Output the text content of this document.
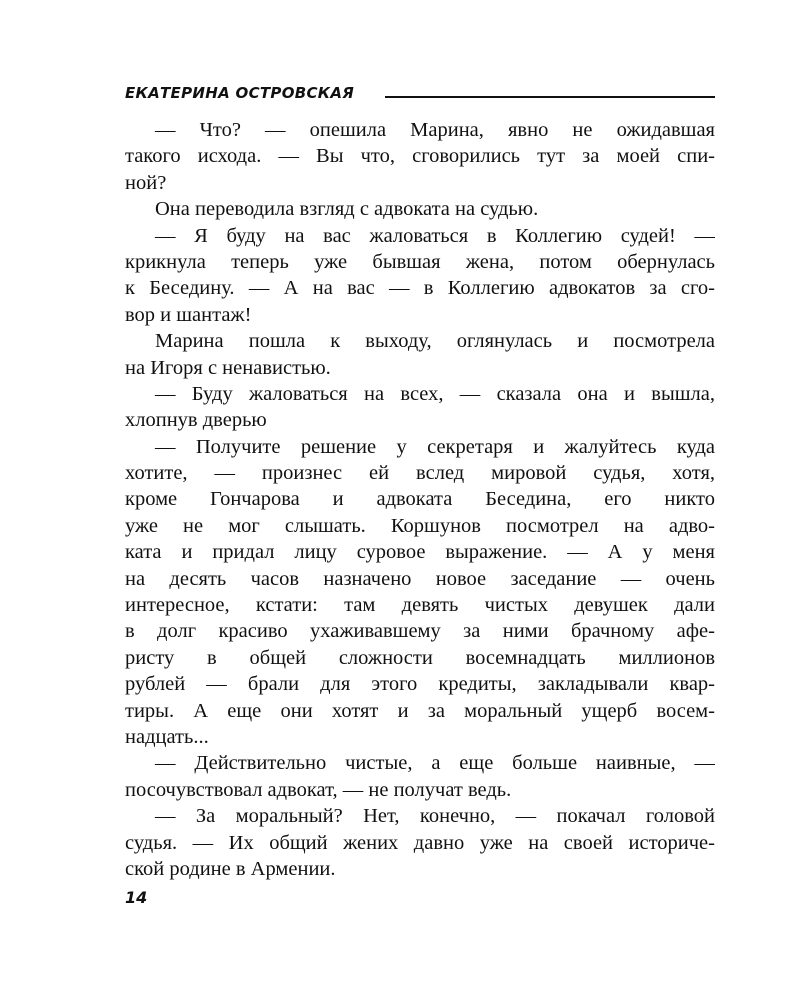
ЕКАТЕРИНА ОСТРОВСКАЯ
— Что? — опешила Марина, явно не ожидавшая
такого исхода. — Вы что, сговорились тут за моей спи-
ной?
Она переводила взгляд с адвоката на судью.
— Я буду на вас жаловаться в Коллегию судей! —
крикнула теперь уже бывшая жена, потом обернулась
к Беседину. — А на вас — в Коллегию адвокатов за сго-
вор и шантаж!
Марина пошла к выходу, оглянулась и посмотрела
на Игоря с ненавистью.
— Буду жаловаться на всех, — сказала она и вышла,
хлопнув дверью
— Получите решение у секретаря и жалуйтесь куда
хотите, — произнес ей вслед мировой судья, хотя,
кроме Гончарова и адвоката Беседина, его никто
уже не мог слышать. Коршунов посмотрел на адво-
ката и придал лицу суровое выражение. — А у меня
на десять часов назначено новое заседание — очень
интересное, кстати: там девять чистых девушек дали
в долг красиво ухаживавшему за ними брачному афе-
ристу в общей сложности восемнадцать миллионов
рублей — брали для этого кредиты, закладывали квар-
тиры. А еще они хотят и за моральный ущерб восем-
надцать...
— Действительно чистые, а еще больше наивные, —
посочувствовал адвокат, — не получат ведь.
— За моральный? Нет, конечно, — покачал головой
судья. — Их общий жених давно уже на своей историче-
ской родине в Армении.
14
